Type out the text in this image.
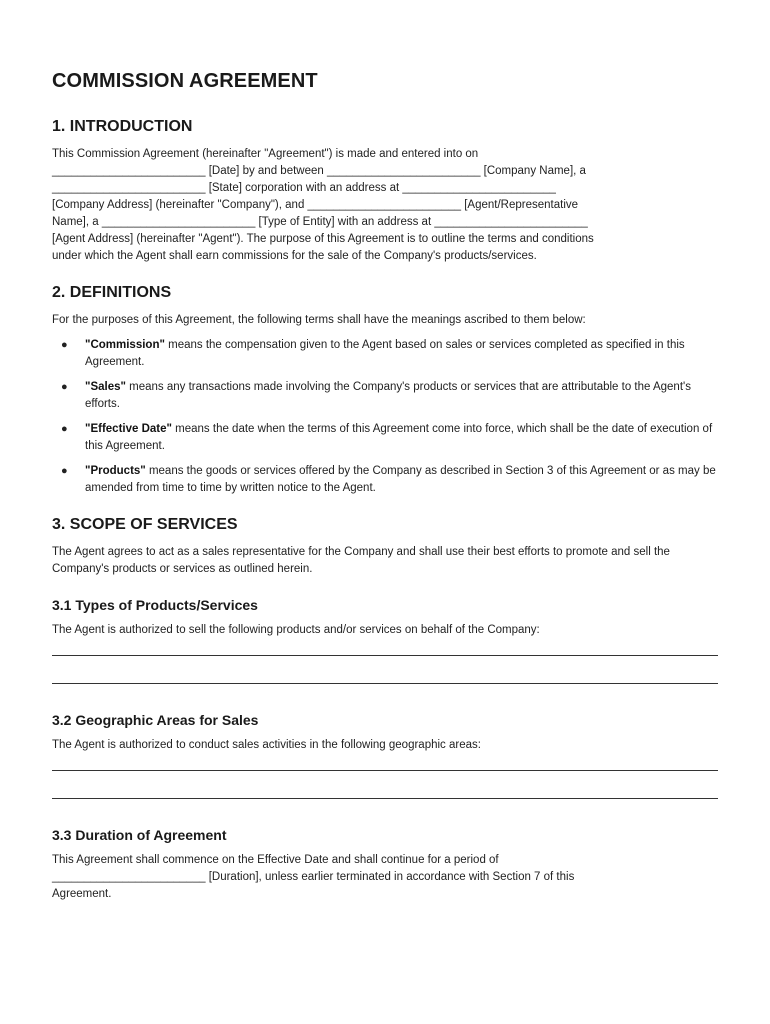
COMMISSION AGREEMENT
1. INTRODUCTION

This Commission Agreement (hereinafter "Agreement") is made and entered into on
________________________ [Date] by and between ________________________ [Company Name], a
________________________ [State] corporation with an address at ________________________
[Company Address] (hereinafter "Company"), and ________________________ [Agent/Representative
Name], a ________________________ [Type of Entity] with an address at ________________________
[Agent Address] (hereinafter "Agent"). The purpose of this Agreement is to outline the terms and conditions
under which the Agent shall earn commissions for the sale of the Company's products/services.

2. DEFINITIONS

For the purposes of this Agreement, the following terms shall have the meanings ascribed to them below:

● "Commission" means the compensation given to the Agent based on sales or services completed as specified in this Agreement.
● "Sales" means any transactions made involving the Company's products or services that are attributable to the Agent's efforts.
● "Effective Date" means the date when the terms of this Agreement come into force, which shall be the date of execution of this Agreement.
● "Products" means the goods or services offered by the Company as described in Section 3 of this Agreement or as may be amended from time to time by written notice to the Agent.
3. SCOPE OF SERVICES

The Agent agrees to act as a sales representative for the Company and shall use their best efforts to promote and sell the Company's products or services as outlined herein.

3.1 Types of Products/Services

The Agent is authorized to sell the following products and/or services on behalf of the Company:

3.2 Geographic Areas for Sales

The Agent is authorized to conduct sales activities in the following geographic areas:

3.3 Duration of Agreement

This Agreement shall commence on the Effective Date and shall continue for a period of
________________________ [Duration], unless earlier terminated in accordance with Section 7 of this
Agreement.
